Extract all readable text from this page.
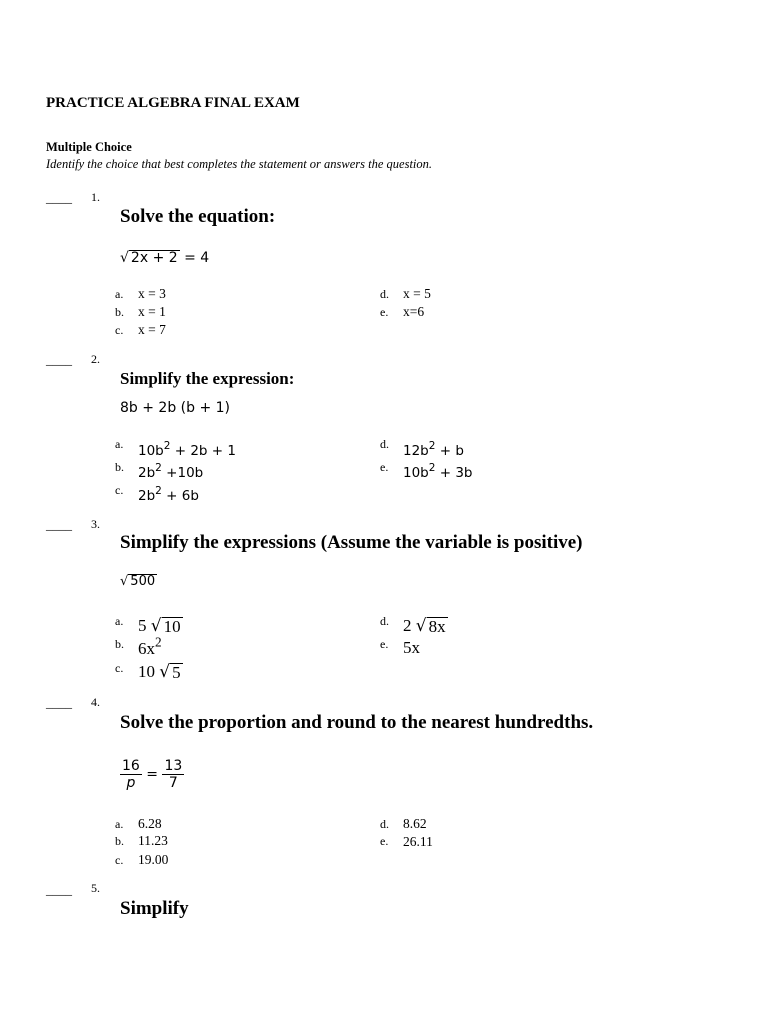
PRACTICE ALGEBRA FINAL EXAM
Multiple Choice
Identify the choice that best completes the statement or answers the question.
____ 1.
Solve the equation:
√ 2x + 2 = 4
a. x = 3
b. x = 1
c. x = 7
d. x = 5
e. x=6
____ 2.
Simplify the expression:
8b + 2b (b + 1)
a. $10b^2 + 2b + 1$
b. $2b^2 +10b$
c. $2b^2 + 6b$
d. $12b^2 + b$
e. $10b^2 + 3b$
____ 3.
Simplify the expressions (Assume the variable is positive)
√ 500
a. 5 √ 10
b. $6x^2$
c. 10 √ 5
d. 2 √ 8x
e. 5x
____ 4.
Solve the proportion and round to the nearest hundredths.
$\frac{16}{p} = \frac{13}{7}$
a. 6.28
b. 11.23
c. 19.00
d. 8.62
e. 26.11
____ 5.
Simplify
